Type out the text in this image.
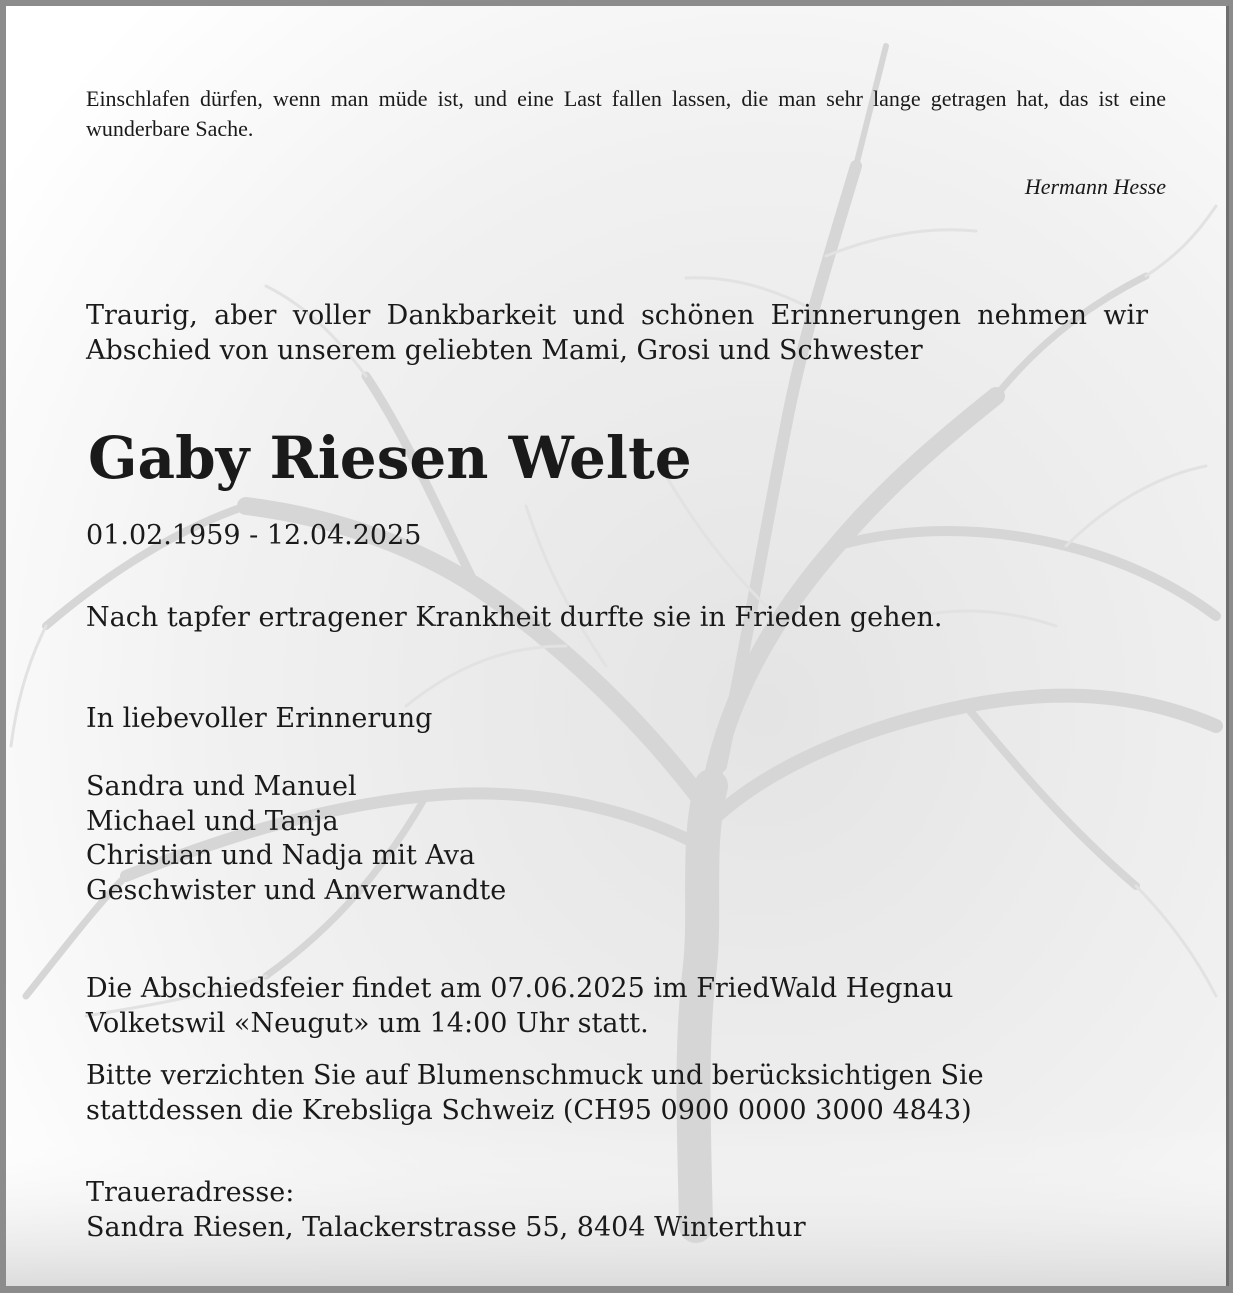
Einschlafen dürfen, wenn man müde ist, und eine Last fallen lassen, die man sehr lange getragen hat, das ist eine wunderbare Sache.
Hermann Hesse
Traurig, aber voller Dankbarkeit und schönen Erinnerungen nehmen wir Abschied von unserem geliebten Mami, Grosi und Schwester
Gaby Riesen Welte
01.02.1959 - 12.04.2025
Nach tapfer ertragener Krankheit durfte sie in Frieden gehen.
In liebevoller Erinnerung
Sandra und Manuel
Michael und Tanja
Christian und Nadja mit Ava
Geschwister und Anverwandte
Die Abschiedsfeier findet am 07.06.2025 im FriedWald Hegnau
Volketswil «Neugut» um 14:00 Uhr statt.
Bitte verzichten Sie auf Blumenschmuck und berücksichtigen Sie
stattdessen die Krebsliga Schweiz (CH95 0900 0000 3000 4843)
Traueradresse:
Sandra Riesen, Talackerstrasse 55, 8404 Winterthur
